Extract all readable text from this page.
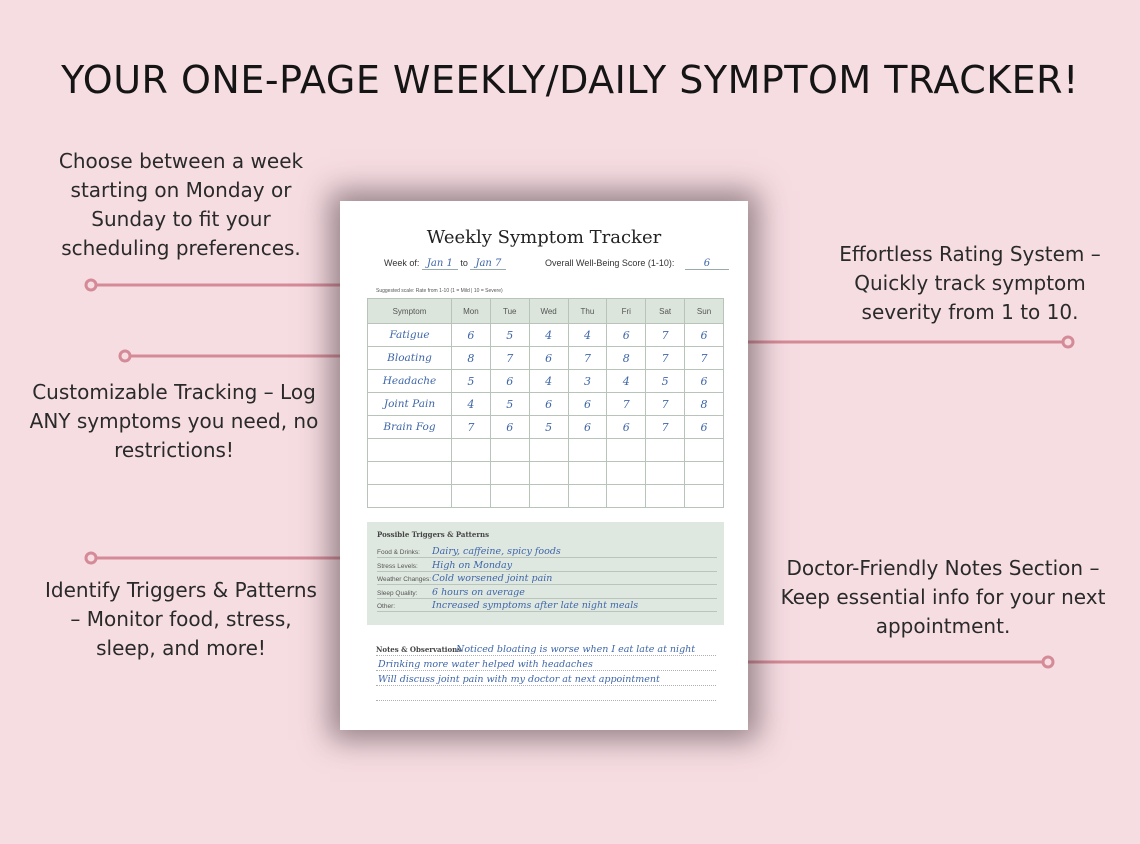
YOUR ONE-PAGE WEEKLY/DAILY SYMPTOM TRACKER!
Choose between a week starting on Monday or Sunday to fit your scheduling preferences.
Customizable Tracking – Log ANY symptoms you need, no restrictions!
Identify Triggers & Patterns – Monitor food, stress, sleep, and more!
Effortless Rating System – Quickly track symptom severity from 1 to 10.
Doctor-Friendly Notes Section – Keep essential info for your next appointment.
Weekly Symptom Tracker
Week of: Jan 1 to Jan 7	Overall Well-Being Score (1-10):	6
Suggested scale: Rate from 1-10 (1 = Mild | 10 = Severe)
Symptom	Mon	Tue	Wed	Thu	Fri	Sat	Sun
Fatigue	6	5	4	4	6	7	6
Bloating	8	7	6	7	8	7	7
Headache	5	6	4	3	4	5	6
Joint Pain	4	5	6	6	7	7	8
Brain Fog	7	6	5	6	6	7	6

Possible Triggers & Patterns
Food & Drinks: Dairy, caffeine, spicy foods
Stress Levels: High on Monday
Weather Changes: Cold worsened joint pain
Sleep Quality: 6 hours on average
Other:	Increased symptoms after late night meals
Notes & Observations
Noticed bloating is worse when I eat late at night
Drinking more water helped with headaches
Will discuss joint pain with my doctor at next appointment
